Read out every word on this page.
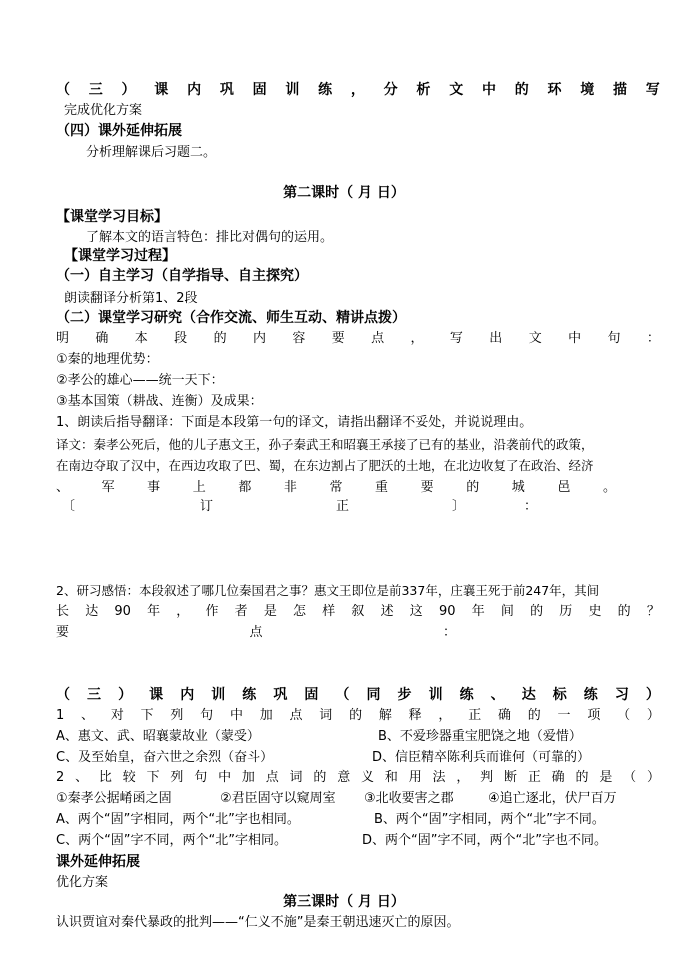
（ 三 ） 课 内 巩 固 训 练 ， 分 析 文 中 的 环 境 描 写
完成优化方案
（四）课外延伸拓展
分析理解课后习题二。
第二课时（ 月 日）
【课堂学习目标】
了解本文的语言特色：排比对偶句的运用。
【课堂学习过程】
（一）自主学习（自学指导、自主探究）
朗读翻译分析第1、2段
（二）课堂学习研究（合作交流、师生互动、精讲点拨）
明 确 本 段 的 内 容 要 点 ， 写 出 文 中 句 ：
①秦的地理优势：
②孝公的雄心——统一天下：
③基本国策（耕战、连衡）及成果：
1、朗读后指导翻译：下面是本段第一句的译文，请指出翻译不妥处，并说说理由。
译文：秦孝公死后，他的儿子惠文王，孙子秦武王和昭襄王承接了已有的基业，沿袭前代的政策，
在南边夺取了汉中，在西边攻取了巴、蜀，在东边割占了肥沃的土地，在北边收复了在政治、经济
、	军	事	上	都	非	常	重	要	的	城	邑	。
〔	订	正	〕	：
2、研习感悟：本段叙述了哪几位秦国君之事？惠文王即位是前337年，庄襄王死于前247年，其间
长 达 90 年 ， 作 者 是 怎 样 叙 述 这 90 年 间 的 历 史 的 ？
要	点	：
（ 三 ） 课 内 训 练 巩 固 （ 同 步 训 练 、 达 标 练 习 ）
1 、 对 下 列 句 中 加 点 词 的 解 释 ， 正 确 的 一 项 （ ）
A、惠文、武、昭襄蒙故业（蒙受）	B、不爱珍器重宝肥饶之地（爱惜）
C、及至始皇，奋六世之余烈（奋斗）	D、信臣精卒陈利兵而谁何（可靠的）
2 、 比 较 下 列 句 中 加 点 词 的 意 义 和 用 法 ， 判 断 正 确 的 是 （ ）
①秦孝公据崤函之固	②君臣固守以窥周室	③北收要害之郡	④追亡逐北，伏尸百万
A、两个“固”字相同，两个“北”字也相同。	B、两个“固”字相同，两个“北”字不同。
C、两个“固”字不同，两个“北”字相同。	D、两个“固”字不同，两个“北”字也不同。
课外延伸拓展
优化方案
第三课时（ 月 日）
认识贾谊对秦代暴政的批判——“仁义不施”是秦王朝迅速灭亡的原因。
